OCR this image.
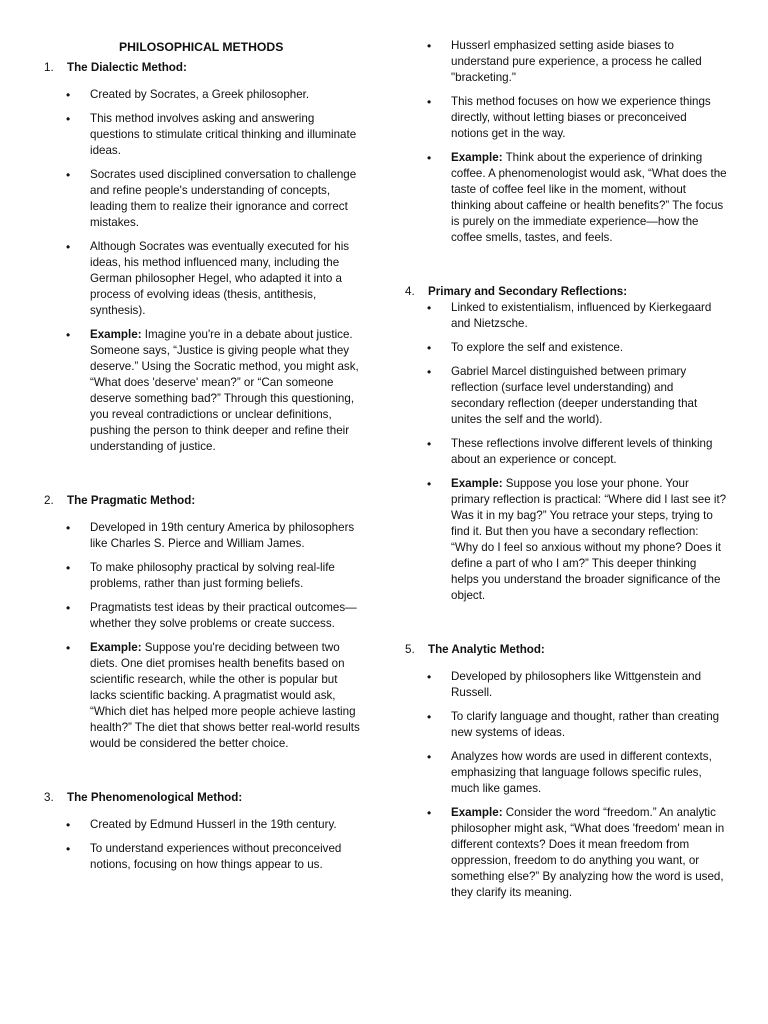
PHILOSOPHICAL METHODS
1.	The Dialectic Method:
• Created by Socrates, a Greek philosopher.
• This method involves asking and answering questions to stimulate critical thinking and illuminate ideas.
• Socrates used disciplined conversation to challenge and refine people's understanding of concepts, leading them to realize their ignorance and correct mistakes.
• Although Socrates was eventually executed for his ideas, his method influenced many, including the German philosopher Hegel, who adapted it into a process of evolving ideas (thesis, antithesis, synthesis).
• Example: Imagine you're in a debate about justice. Someone says, “Justice is giving people what they deserve.” Using the Socratic method, you might ask, “What does 'deserve' mean?” or “Can someone deserve something bad?” Through this questioning, you reveal contradictions or unclear definitions, pushing the person to think deeper and refine their understanding of justice.
2.	The Pragmatic Method:
• Developed in 19th century America by philosophers like Charles S. Pierce and William James.
• To make philosophy practical by solving real-life problems, rather than just forming beliefs.
• Pragmatists test ideas by their practical outcomes—whether they solve problems or create success.
• Example: Suppose you're deciding between two diets. One diet promises health benefits based on scientific research, while the other is popular but lacks scientific backing. A pragmatist would ask, “Which diet has helped more people achieve lasting health?” The diet that shows better real-world results would be considered the better choice.
3.	The Phenomenological Method:
• Created by Edmund Husserl in the 19th century.
• To understand experiences without preconceived notions, focusing on how things appear to us.
• Husserl emphasized setting aside biases to understand pure experience, a process he called "bracketing."
• This method focuses on how we experience things directly, without letting biases or preconceived notions get in the way.
• Example: Think about the experience of drinking coffee. A phenomenologist would ask, “What does the taste of coffee feel like in the moment, without thinking about caffeine or health benefits?” The focus is purely on the immediate experience—how the coffee smells, tastes, and feels.
4.	Primary and Secondary Reflections:
• Linked to existentialism, influenced by Kierkegaard and Nietzsche.
• To explore the self and existence.
• Gabriel Marcel distinguished between primary reflection (surface level understanding) and secondary reflection (deeper understanding that unites the self and the world).
• These reflections involve different levels of thinking about an experience or concept.
• Example: Suppose you lose your phone. Your primary reflection is practical: “Where did I last see it? Was it in my bag?” You retrace your steps, trying to find it. But then you have a secondary reflection: “Why do I feel so anxious without my phone? Does it define a part of who I am?” This deeper thinking helps you understand the broader significance of the object.
5.	The Analytic Method:
• Developed by philosophers like Wittgenstein and Russell.
• To clarify language and thought, rather than creating new systems of ideas.
• Analyzes how words are used in different contexts, emphasizing that language follows specific rules, much like games.
• Example: Consider the word “freedom.” An analytic philosopher might ask, “What does 'freedom' mean in different contexts? Does it mean freedom from oppression, freedom to do anything you want, or something else?” By analyzing how the word is used, they clarify its meaning.
